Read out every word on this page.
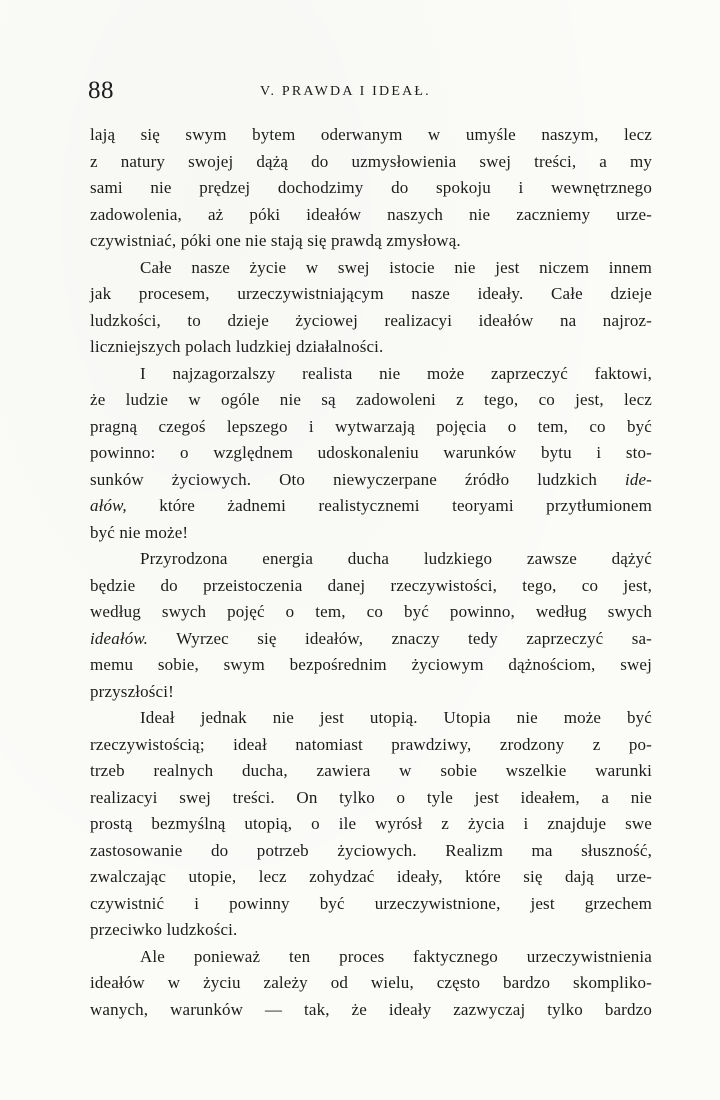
88	V. PRAWDA I IDEAŁ.
lają się swym bytem oderwanym w umyśle naszym, lecz
z natury swojej dążą do uzmysłowienia swej treści, a my
sami nie prędzej dochodzimy do spokoju i wewnętrznego
zadowolenia, aż póki ideałów naszych nie zaczniemy urze-
czywistniać, póki one nie stają się prawdą zmysłową.
Całe nasze życie w swej istocie nie jest niczem innem
jak procesem, urzeczywistniającym nasze ideały. Całe dzieje
ludzkości, to dzieje życiowej realizacyi ideałów na najroz-
liczniejszych polach ludzkiej działalności.
I najzagorzalszy realista nie może zaprzeczyć faktowi,
że ludzie w ogóle nie są zadowoleni z tego, co jest, lecz
pragną czegoś lepszego i wytwarzają pojęcia o tem, co być
powinno: o względnem udoskonaleniu warunków bytu i sto-
sunków życiowych. Oto niewyczerpane źródło ludzkich ide-
ałów, które żadnemi realistycznemi teoryami przytłumionem
być nie może!
Przyrodzona energia ducha ludzkiego zawsze dążyć
będzie do przeistoczenia danej rzeczywistości, tego, co jest,
według swych pojęć o tem, co być powinno, według swych
ideałów. Wyrzec się ideałów, znaczy tedy zaprzeczyć sa-
memu sobie, swym bezpośrednim życiowym dążnościom, swej
przyszłości!
Ideał jednak nie jest utopią. Utopia nie może być
rzeczywistością; ideał natomiast prawdziwy, zrodzony z po-
trzeb realnych ducha, zawiera w sobie wszelkie warunki
realizacyi swej treści. On tylko o tyle jest ideałem, a nie
prostą bezmyślną utopią, o ile wyrósł z życia i znajduje swe
zastosowanie do potrzeb życiowych. Realizm ma słuszność,
zwalczając utopie, lecz zohydzać ideały, które się dają urze-
czywistnić i powinny być urzeczywistnione, jest grzechem
przeciwko ludzkości.
Ale ponieważ ten proces faktycznego urzeczywistnienia
ideałów w życiu zależy od wielu, często bardzo skompliko-
wanych, warunków — tak, że ideały zazwyczaj tylko bardzo
